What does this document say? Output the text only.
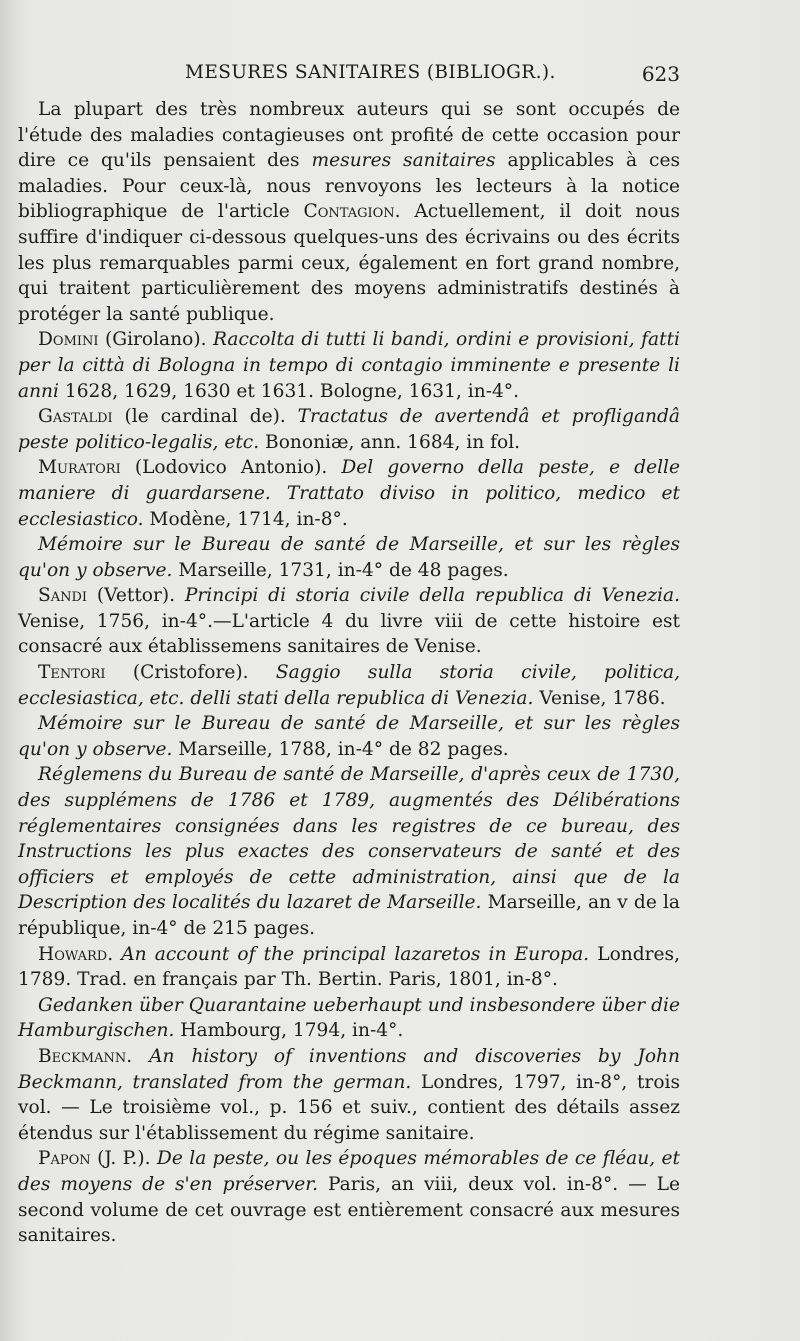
MESURES SANITAIRES (BIBLIOGR.).	623

La plupart des très nombreux auteurs qui se sont occupés de l'étude des maladies contagieuses ont profité de cette occasion pour dire ce qu'ils pensaient des mesures sanitaires applicables à ces maladies. Pour ceux-là, nous renvoyons les lecteurs à la notice bibliographique de l'article Contagion. Actuellement, il doit nous suffire d'indiquer ci-dessous quelques-uns des écrivains ou des écrits les plus remarquables parmi ceux, également en fort grand nombre, qui traitent particulièrement des moyens administratifs destinés à protéger la santé publique.

Domini (Girolano). Raccolta di tutti li bandi, ordini e provisioni, fatti per la città di Bologna in tempo di contagio imminente e presente li anni 1628, 1629, 1630 et 1631. Bologne, 1631, in-4°.

Gastaldi (le cardinal de). Tractatus de avertendâ et profligandâ peste politico-legalis, etc. Bononiæ, ann. 1684, in fol.

Muratori (Lodovico Antonio). Del governo della peste, e delle maniere di guardarsene. Trattato diviso in politico, medico et ecclesiastico. Modène, 1714, in-8°.

Mémoire sur le Bureau de santé de Marseille, et sur les règles qu'on y observe. Marseille, 1731, in-4° de 48 pages.

Sandi (Vettor). Principi di storia civile della republica di Venezia. Venise, 1756, in-4°.—L'article 4 du livre viii de cette histoire est consacré aux établissemens sanitaires de Venise.

Tentori (Cristofore). Saggio sulla storia civile, politica, ecclesiastica, etc. delli stati della republica di Venezia. Venise, 1786.

Mémoire sur le Bureau de santé de Marseille, et sur les règles qu'on y observe. Marseille, 1788, in-4° de 82 pages.

Réglemens du Bureau de santé de Marseille, d'après ceux de 1730, des supplémens de 1786 et 1789, augmentés des Délibérations réglementaires consignées dans les registres de ce bureau, des Instructions les plus exactes des conservateurs de santé et des officiers et employés de cette administration, ainsi que de la Description des localités du lazaret de Marseille. Marseille, an v de la république, in-4° de 215 pages.

Howard. An account of the principal lazaretos in Europa. Londres, 1789. Trad. en français par Th. Bertin. Paris, 1801, in-8°.

Gedanken über Quarantaine ueberhaupt und insbesondere über die Hamburgischen. Hambourg, 1794, in-4°.

Beckmann. An history of inventions and discoveries by John Beckmann, translated from the german. Londres, 1797, in-8°, trois vol. — Le troisième vol., p. 156 et suiv., contient des détails assez étendus sur l'établissement du régime sanitaire.

Papon (J. P.). De la peste, ou les époques mémorables de ce fléau, et des moyens de s'en préserver. Paris, an viii, deux vol. in-8°. — Le second volume de cet ouvrage est entièrement consacré aux mesures sanitaires.
